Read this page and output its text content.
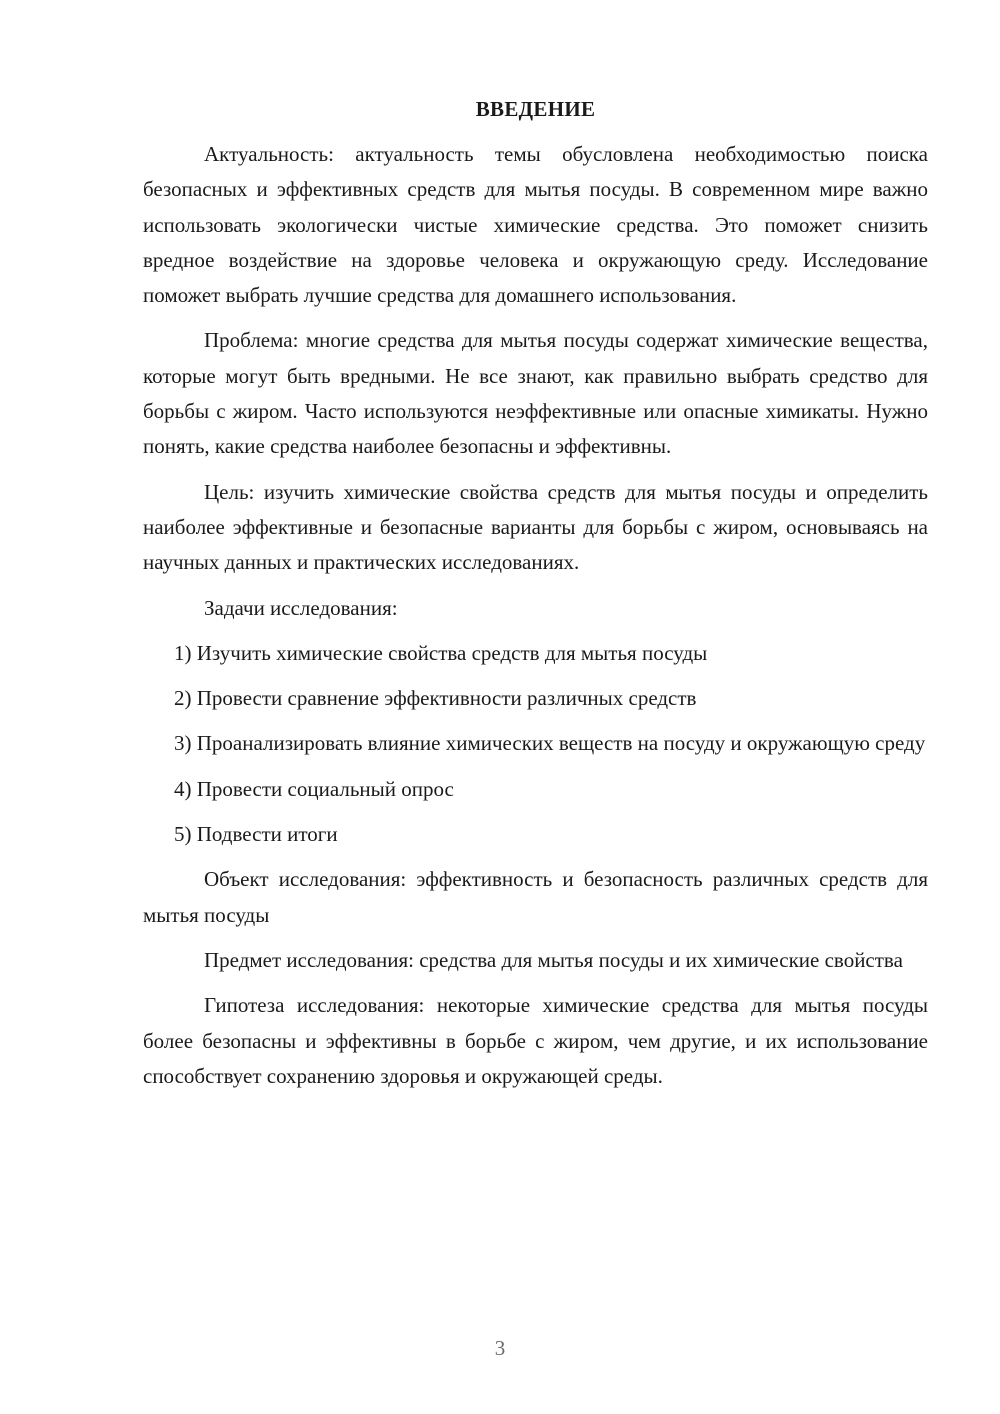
ВВЕДЕНИЕ

Актуальность: актуальность темы обусловлена необходимостью поиска безопасных и эффективных средств для мытья посуды. В современном мире важно использовать экологически чистые химические средства. Это поможет снизить вредное воздействие на здоровье человека и окружающую среду. Исследование поможет выбрать лучшие средства для домашнего использования.

Проблема: многие средства для мытья посуды содержат химические вещества, которые могут быть вредными. Не все знают, как правильно выбрать средство для борьбы с жиром. Часто используются неэффективные или опасные химикаты. Нужно понять, какие средства наиболее безопасны и эффективны.

Цель: изучить химические свойства средств для мытья посуды и определить наиболее эффективные и безопасные варианты для борьбы с жиром, основываясь на научных данных и практических исследованиях.

Задачи исследования:

1) Изучить химические свойства средств для мытья посуды

2) Провести сравнение эффективности различных средств

3) Проанализировать влияние химических веществ на посуду и окружающую среду

4) Провести социальный опрос

5) Подвести итоги

Объект исследования: эффективность и безопасность различных средств для мытья посуды

Предмет исследования: средства для мытья посуды и их химические свойства

Гипотеза исследования: некоторые химические средства для мытья посуды более безопасны и эффективны в борьбе с жиром, чем другие, и их использование способствует сохранению здоровья и окружающей среды.

3
